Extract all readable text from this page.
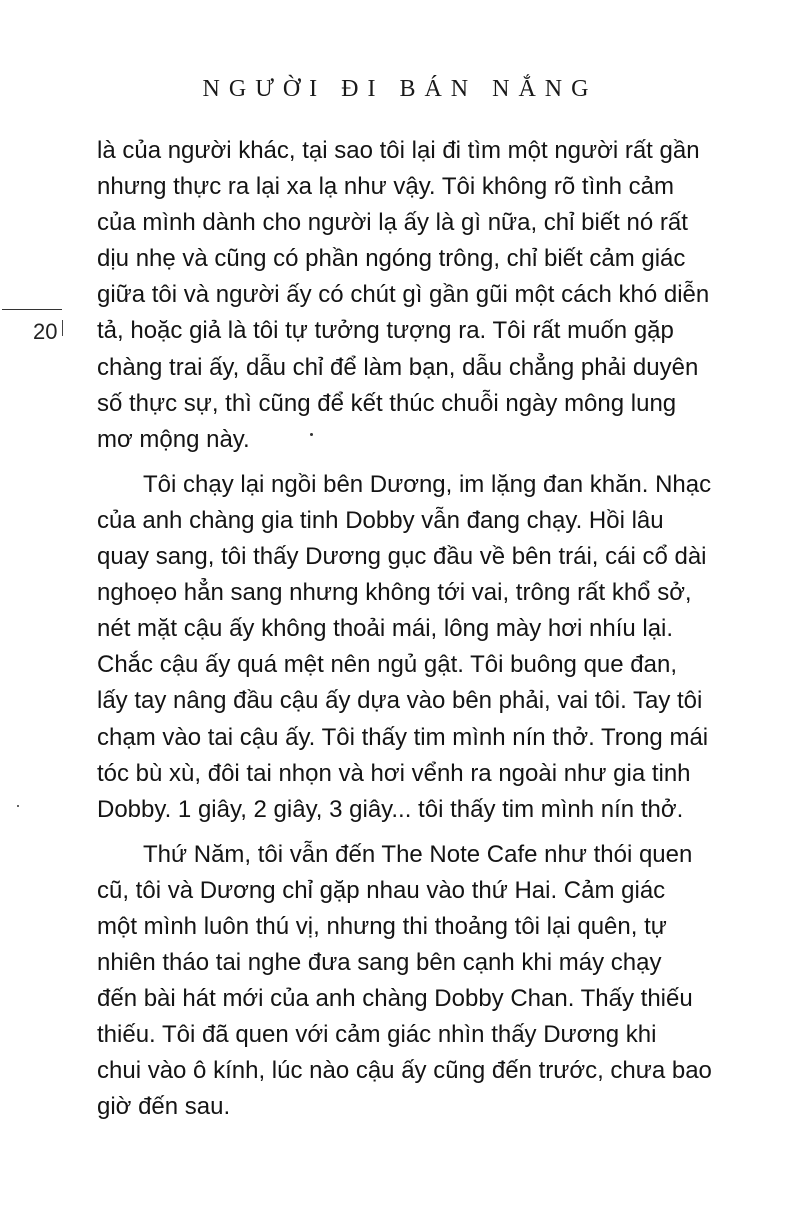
NGƯỜI ĐI BÁN NẮNG
20
là của người khác, tại sao tôi lại đi tìm một người rất gần
nhưng thực ra lại xa lạ như vậy. Tôi không rõ tình cảm
của mình dành cho người lạ ấy là gì nữa, chỉ biết nó rất
dịu nhẹ và cũng có phần ngóng trông, chỉ biết cảm giác
giữa tôi và người ấy có chút gì gần gũi một cách khó diễn
tả, hoặc giả là tôi tự tưởng tượng ra. Tôi rất muốn gặp
chàng trai ấy, dẫu chỉ để làm bạn, dẫu chẳng phải duyên
số thực sự, thì cũng để kết thúc chuỗi ngày mông lung
mơ mộng này.
Tôi chạy lại ngồi bên Dương, im lặng đan khăn. Nhạc
của anh chàng gia tinh Dobby vẫn đang chạy. Hồi lâu
quay sang, tôi thấy Dương gục đầu về bên trái, cái cổ dài
nghoẹo hẳn sang nhưng không tới vai, trông rất khổ sở,
nét mặt cậu ấy không thoải mái, lông mày hơi nhíu lại.
Chắc cậu ấy quá mệt nên ngủ gật. Tôi buông que đan,
lấy tay nâng đầu cậu ấy dựa vào bên phải, vai tôi. Tay tôi
chạm vào tai cậu ấy. Tôi thấy tim mình nín thở. Trong mái
tóc bù xù, đôi tai nhọn và hơi vểnh ra ngoài như gia tinh
Dobby. 1 giây, 2 giây, 3 giây... tôi thấy tim mình nín thở.
Thứ Năm, tôi vẫn đến The Note Cafe như thói quen
cũ, tôi và Dương chỉ gặp nhau vào thứ Hai. Cảm giác
một mình luôn thú vị, nhưng thi thoảng tôi lại quên, tự
nhiên tháo tai nghe đưa sang bên cạnh khi máy chạy
đến bài hát mới của anh chàng Dobby Chan. Thấy thiếu
thiếu. Tôi đã quen với cảm giác nhìn thấy Dương khi
chui vào ô kính, lúc nào cậu ấy cũng đến trước, chưa bao
giờ đến sau.
